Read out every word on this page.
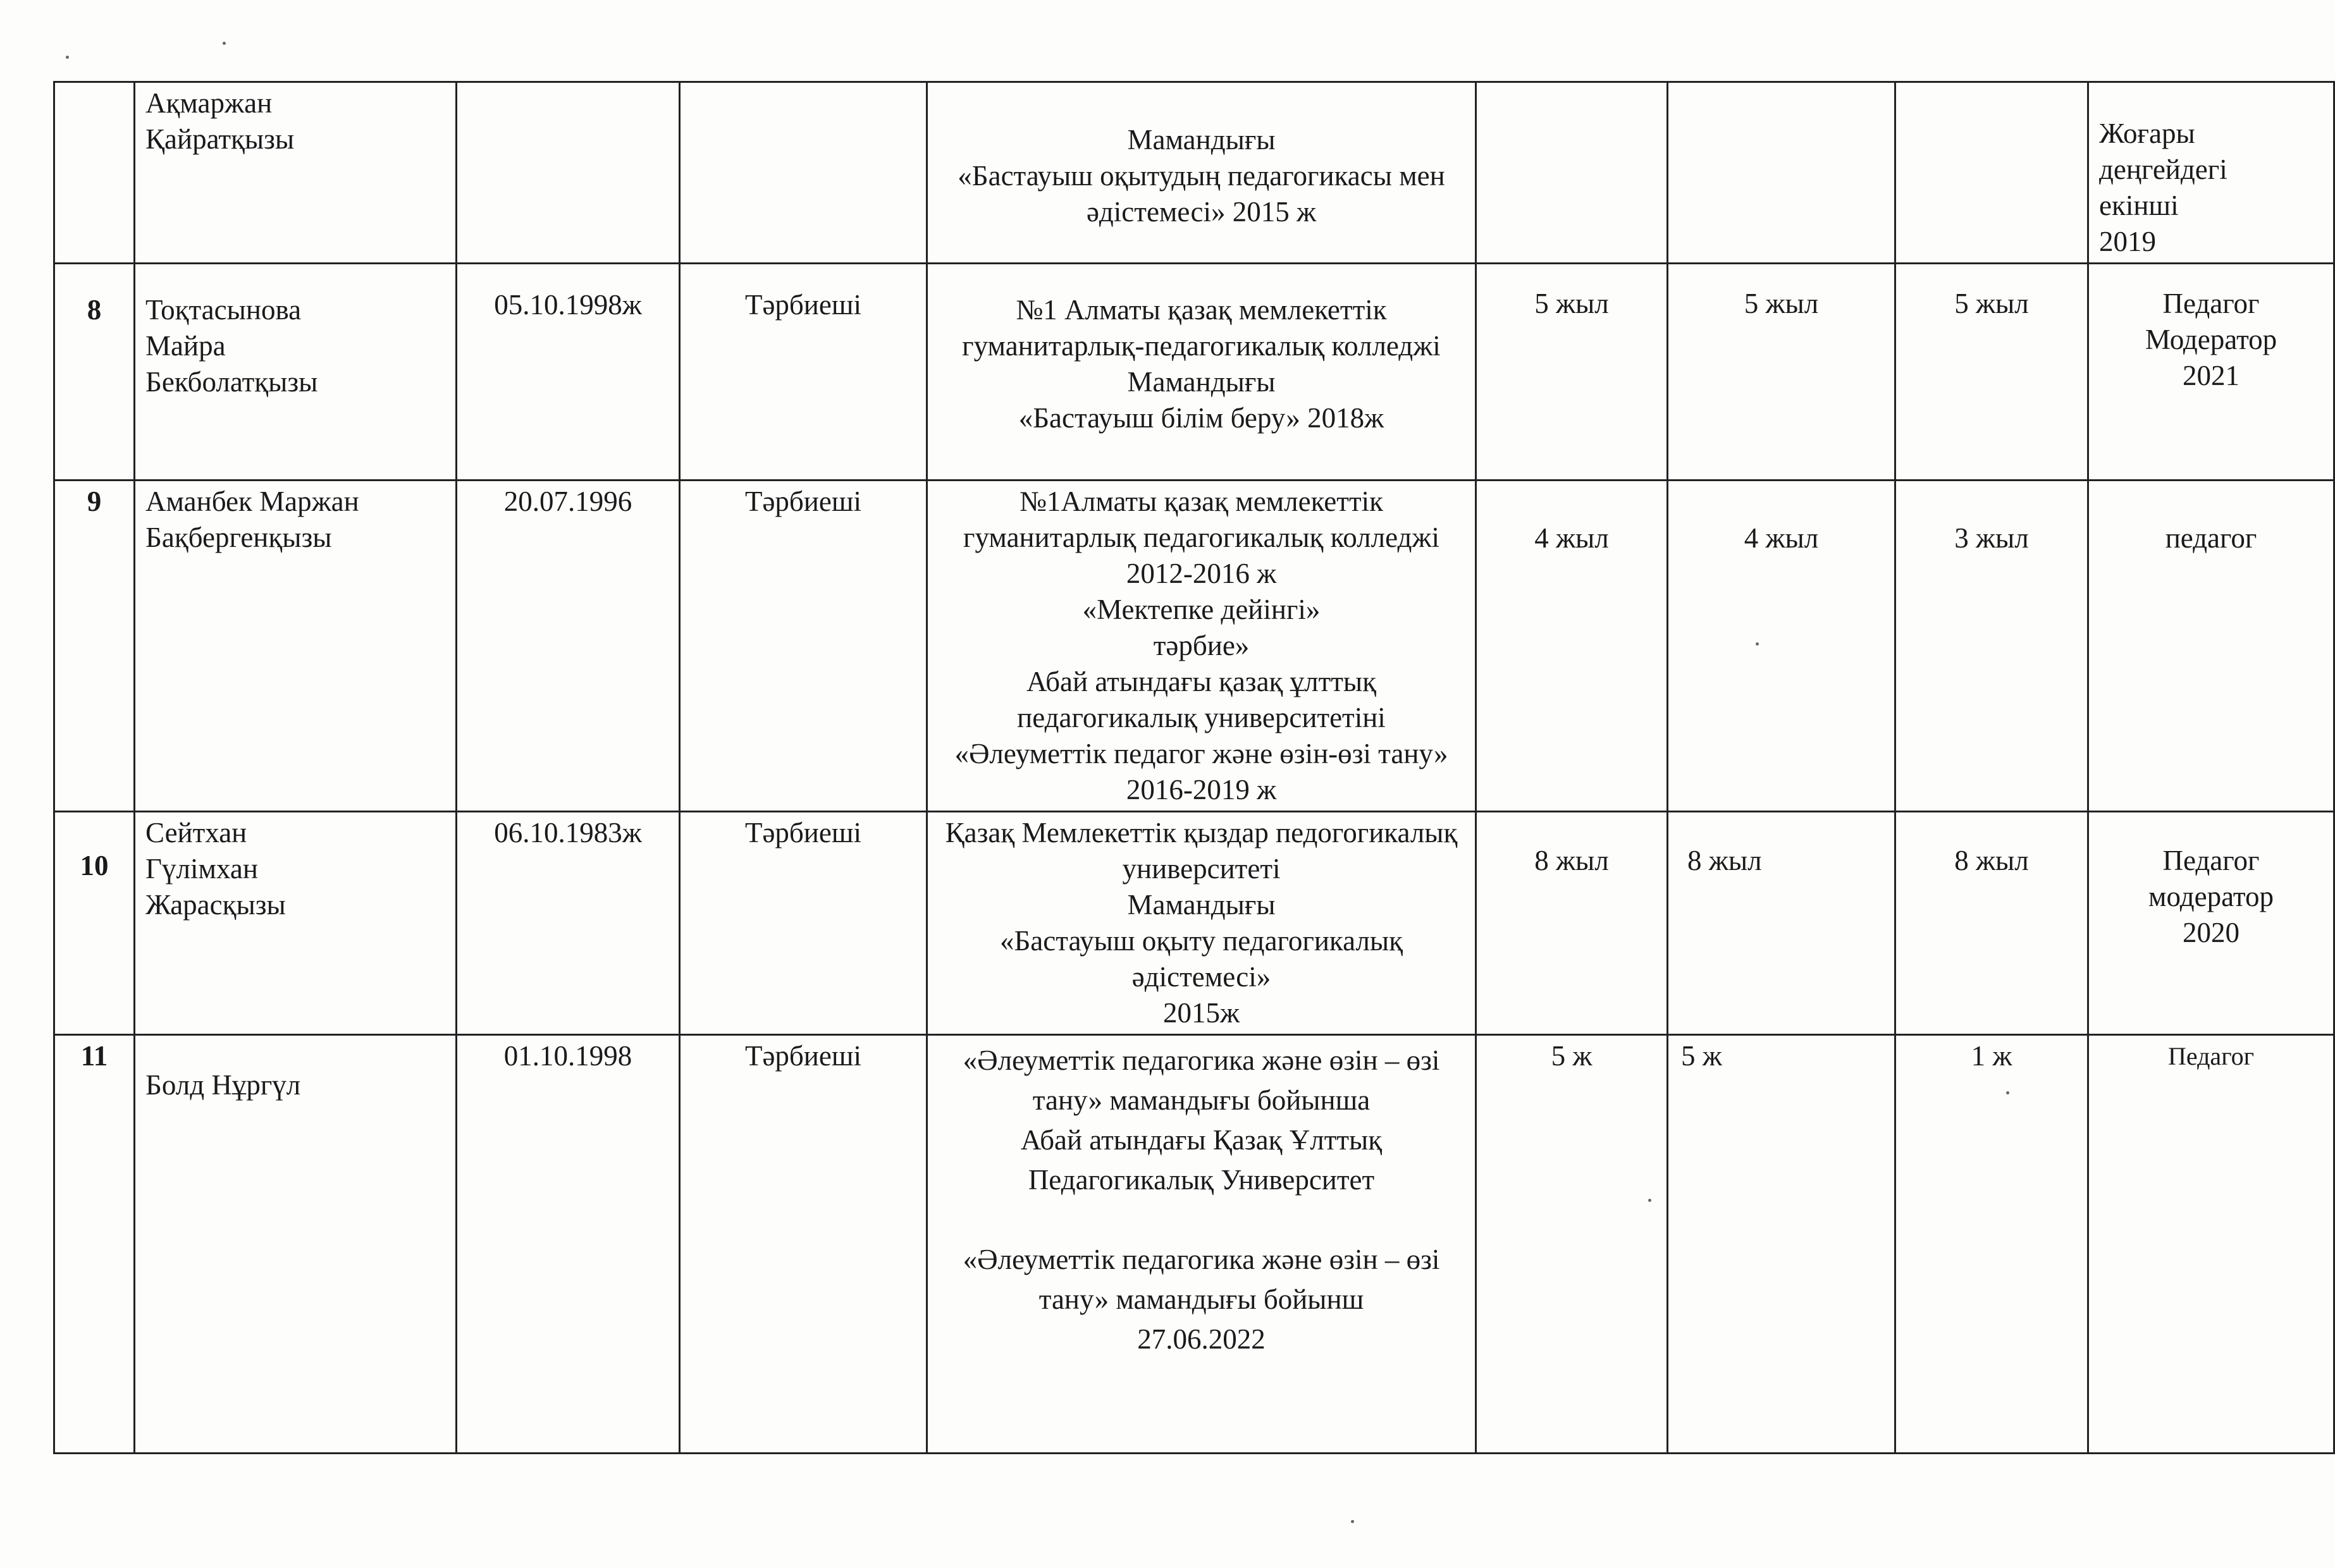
	Ақмаржан
Қайратқызы			Мамандығы
«Бастауыш оқытудың педагогикасы мен әдістемесі» 2015 ж				Жоғары
деңгейдегі
екінші
2019
8	Тоқтасынова
Майра
Бекболатқызы	05.10.1998ж	Тәрбиеші	№1 Алматы қазақ мемлекеттік гуманитарлық-педагогикалық колледжі
Мамандығы
«Бастауыш білім беру» 2018ж	5 жыл	5 жыл	5 жыл	Педагог
Модератор
2021
9	Аманбек Маржан Бақбергенқызы	20.07.1996	Тәрбиеші	№1Алматы қазақ мемлекеттік гуманитарлық педагогикалық колледжі 2012-2016 ж
«Мектепке дейінгі»
тәрбие»
Абай атындағы қазақ ұлттық педагогикалық университетіні «Әлеуметтік педагог және өзін-өзі тану» 2016-2019 ж	4 жыл	4 жыл	3 жыл	педагог
10	Сейтхан
Гүлімхан
Жарасқызы	06.10.1983ж	Тәрбиеші	Қазақ Мемлекеттік қыздар педогогикалық университеті
Мамандығы
«Бастауыш оқыту педагогикалық әдістемесі»
2015ж	8 жыл	8 жыл	8 жыл	Педагог
модератор
2020
11	Болд Нұргүл	01.10.1998	Тәрбиеші	«Әлеуметтік педагогика және өзін – өзі тану» мамандығы бойынша
Абай атындағы Қазақ Ұлттық Педагогикалық Университет

«Әлеуметтік педагогика және өзін – өзі тану» мамандығы бойынш
27.06.2022	5 ж	5 ж	1 ж	Педагог
